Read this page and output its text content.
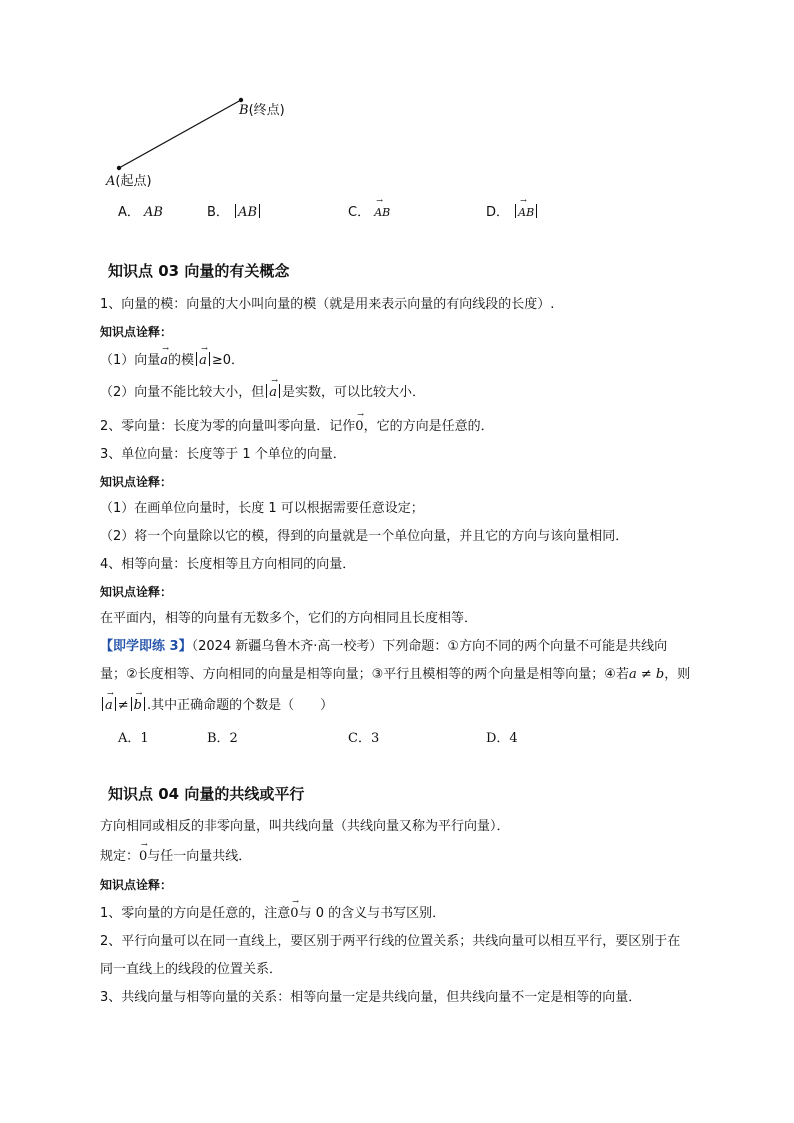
B(终点)
A(起点)
A． AB	B． AB	C．
→
AB	D．
→
AB
知识点 03 向量的有关概念
1、向量的模：向量的大小叫向量的模（就是用来表示向量的有向线段的长度）.
知识点诠释：
（1）向量
→
a的模
→
a ≥0．
（2）向量不能比较大小，但
→
a 是实数，可以比较大小．
2、零向量：长度为零的向量叫零向量．记作
→
0，它的方向是任意的．
3、单位向量：长度等于 1 个单位的向量．
知识点诠释：
（1）在画单位向量时，长度 1 可以根据需要任意设定；
（2）将一个向量除以它的模，得到的向量就是一个单位向量，并且它的方向与该向量相同．
4、相等向量：长度相等且方向相同的向量．
知识点诠释：
在平面内，相等的向量有无数多个，它们的方向相同且长度相等．
【即学即练 3】（2024 新疆乌鲁木齐·高一校考）下列命题：①方向不同的两个向量不可能是共线向
量；②长度相等、方向相同的向量是相等向量；③平行且模相等的两个向量是相等向量；④若a ≠ b，则
→
a ≠
→
b .其中正确命题的个数是（　　）
A．1	B．2	C．3	D．4
知识点 04 向量的共线或平行
方向相同或相反的非零向量，叫共线向量（共线向量又称为平行向量）．
规定：
→
0与任一向量共线．
知识点诠释：
1、零向量的方向是任意的，注意
→
0与 0 的含义与书写区别．
2、平行向量可以在同一直线上，要区别于两平行线的位置关系；共线向量可以相互平行，要区别于在
同一直线上的线段的位置关系．
3、共线向量与相等向量的关系：相等向量一定是共线向量，但共线向量不一定是相等的向量．
